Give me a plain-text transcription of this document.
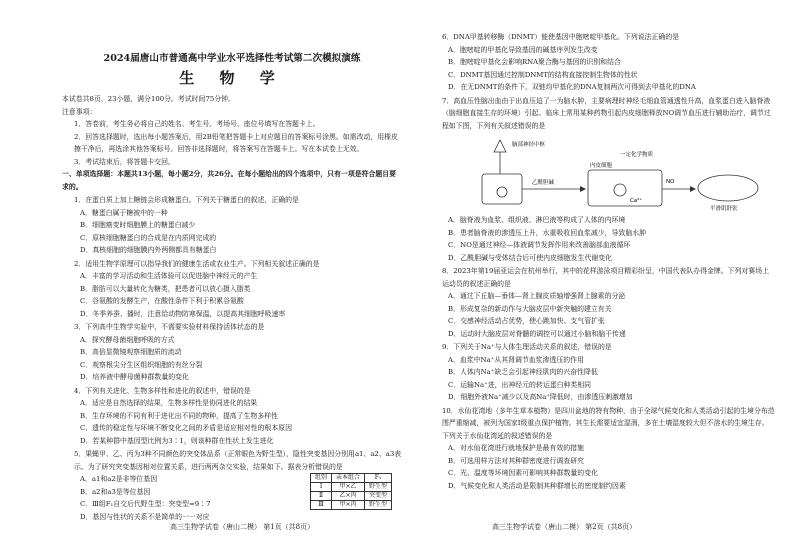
2024届唐山市普通高中学业水平选择性考试第二次模拟演练
生 物 学
本试卷共8页，23小题，满分100分。考试时间75分钟。
注意事项：
1．答卷前，考生务必将自己的姓名、考生号、考场号、座位号填写在答题卡上。
2．回答选择题时，选出每小题答案后，用2B铅笔把答题卡上对应题目的答案标号涂黑。如需改动，用橡皮擦干净后，再选涂其他答案标号。回答非选择题时，将答案写在答题卡上。写在本试卷上无效。
3．考试结束后，将答题卡交回。
一、单项选择题：本题共13小题，每小题2分，共26分。在每小题给出的四个选项中，只有一项是符合题目要求的。
1．在蛋白质上加上糖链会形成糖蛋白。下列关于糖蛋白的叙述，正确的是
A．糖蛋白属于糖被中的一种
B．细胞癌变时细胞膜上的糖蛋白减少
C．原核细胞糖蛋白的合成是在内质网完成的
D．真核细胞的细胞膜内外两侧都具有糖蛋白
2．适用生物学原理可以指导我们的健康生活或农业生产。下列相关叙述正确的是
A．丰富的学习活动和生活体验可以促进脑中神经元的产生
B．脂肪可以大量转化为糖类，把患者可以放心摄入脂类
C．谷氨酸的发酵生产，在酸性条件下利于积累谷氨酸
D．冬季养蚕、播时，注意给动物防寒保温，以提高其细胞呼吸速率
3．下列高中生物学实验中，不需要实验材料保持活体状态的是
A．探究酵母菌细胞呼吸的方式
B．高倍显微镜观察细胞质的流动
C．观察根尖分生区组织细胞的有丝分裂
D．培养液中酵母菌种群数量的变化
4．下列有关进化、生物多样性和进化的叙述中，错误的是
A．适应是自然选择的结果，生物多样性是协同进化的结果
B．生存环境的不同有利于进化出不同的物种，提高了生物多样性
C．遗传的稳定性与环境不断变化之间的矛盾是适应相对性的根本原因
D．若某种群中基因型比例为3∶1，则该种群在性状上发生进化
5．果蝇甲、乙、丙为3种不同颜色的突变体品系（正常眼色为野生型），隐性突变基因分别用a1、a2、a3表示。为了研究突变基因相对位置关系，进行两两杂交实验，结果如下。据表分析错误的是
A．a1和a2是非等位基因
B．a2和a3是等位基因
C．Ⅲ组F₁自交后代野生型：突变型=9∶7
D．基因与性状的关系不是简单的一一对应
组别	亲本组合	F₁
Ⅰ	甲×乙	野生型
Ⅱ	乙×丙	突变型
Ⅲ	甲×丙	野生型
高三生物学试卷（唐山二模） 第1页（共8页）
6．DNA甲基转移酶（DNMT）能使基因中胞嘧啶甲基化。下列说法正确的是
A．胞嘧啶的甲基化导致基因的碱基序列发生改变
B．胞嘧啶甲基化会影响RNA聚合酶与基因的识别和结合
C．DNMT基因通过控制DNMT的结构直接控制生物体的性状
D．在无DNMT的条件下，双链均甲基化的DNA复制两次可得到去甲基化的DNA
7．高血压性脑出血由于出血压迫了一为脑水肿，主要病理时神经毛细血管通透性升高，血浆蛋白进入脑脊液（脑细胞直接生存的环境）引起。临床上常用某种药物引起内皮细胞释放NO调节血压进行辅助治疗，调节过程如下图，下列有关叙述错误的是
脑部神经中枢
一定化学物质
乙酰胆碱	NO
内皮细胞
Ca²⁺
平滑肌舒张
A．脑脊液为血浆、组织液、淋巴液等构成了人体的内环境
B．患者脑脊液的渗透压上升，水重吸收回血浆减少，导致脑水肿
C．NO是通过神经—体液调节发挥作用来改善脑部血液循环
D．乙酰胆碱与受体结合后可使内皮细胞发生代谢变化
8．2023年第19届亚运会在杭州举行，其中的花样游泳项目精彩纷呈，中国代表队办得金牌。下列对赛场上运动员的叙述正确的是
A．通过下丘脑—垂体—肾上腺皮质轴增强肾上腺素的分泌
B．形成复杂的新动作与大脑皮层中新突触的建立有关
C．交感神经活动占优势，使心跳加快、支气管扩张
D．运动时大脑皮层对脊髓的调控可以通过小脑和脑干传递
9．下列关于Na⁺与人体生理活动关系的叙述，错误的是
A．血浆中Na⁺从其肾调节血浆渗透压的作用
B．人体内Na⁺缺乏会引起神经肌肉的兴奋性降低
C．运输Na⁺进，出神经元的转运蛋白种类相同
D．细胞外液Na⁺减少以及高Na⁺降低时，由渗透压刺激增加
10．水仙花湾地（多年生草本植物）是四川盆地的特有物种，由于全球气候变化和人类活动引起的生境分布范围严重缩减，被列为国家Ⅰ级重点保护植物。其生长需要适宜湿润，多在土壤湿度较大但不溶水的生境生存。下列关于水仙花湾延的叙述错误的是
A．对水仙花湾进行就地保护是最有效的措施
B．可选用样方法对其种群密度进行调查研究
C．光、温度等环境因素可影响其种群数量的变化
D．气候变化和人类活动是限制其种群增长的密度制约因素
高三生物学试卷（唐山二模） 第2页（共8页）
